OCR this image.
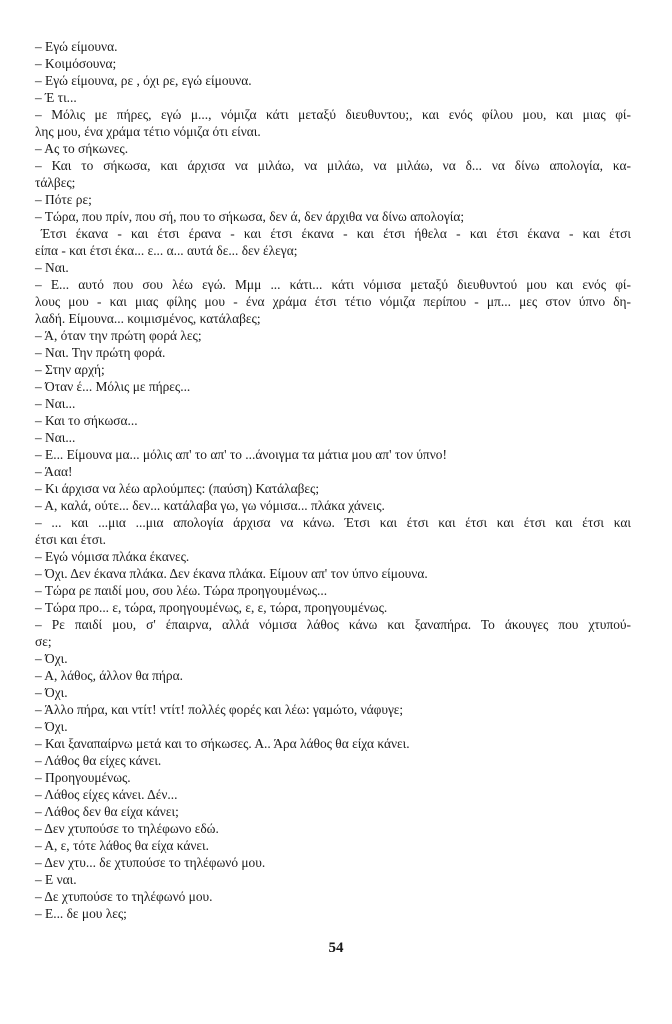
– Εγώ είμουνα.
– Κοιμόσουνα;
– Εγώ είμουνα, ρε , όχι ρε, εγώ είμουνα.
– Έ τι...
– Μόλις με πήρες, εγώ μ..., νόμιζα κάτι μεταξύ διευθυντου;, και ενός φίλου μου, και μιας φί-
λης μου, ένα χράμα τέτιο νόμιζα ότι είναι.
– Ας το σήκωνες.
– Και το σήκωσα, και άρχισα να μιλάω, να μιλάω, να μιλάω, να δ... να δίνω απολογία, κα-
τάλβες;
– Πότε ρε;
– Τώρα, που πρίν, που σή, που το σήκωσα, δεν ά, δεν άρχιθα να δίνω απολογία;
Έτσι έκανα - και έτσι έρανα - και έτσι έκανα - και έτσι ήθελα - και έτσι έκανα - και έτσι
είπα - και έτσι έκα... ε... α... αυτά δε... δεν έλεγα;
– Ναι.
– Ε... αυτό που σου λέω εγώ. Μμμ ... κάτι... κάτι νόμισα μεταξύ διευθυντού μου και ενός φί-
λους μου - και μιας φίλης μου - ένα χράμα έτσι τέτιο νόμιζα περίπου - μπ... μες στον ύπνο δη-
λαδή. Είμουνα... κοιμισμένος, κατάλαβες;
– Ά, όταν την πρώτη φορά λες;
– Ναι. Την πρώτη φορά.
– Στην αρχή;
– Όταν έ... Μόλις με πήρες...
– Ναι...
– Και το σήκωσα...
– Ναι...
– Ε... Είμουνα μα... μόλις απ' το απ' το ...άνοιγμα τα μάτια μου απ' τον ύπνο!
– Άαα!
– Κι άρχισα να λέω αρλούμπες: (παύση) Κατάλαβες;
– Α, καλά, ούτε... δεν... κατάλαβα γω, γω νόμισα... πλάκα χάνεις.
– ... και ...μια ...μια απολογία άρχισα να κάνω. Έτσι και έτσι και έτσι και έτσι και έτσι και
έτσι και έτσι.
– Εγώ νόμισα πλάκα έκανες.
– Όχι. Δεν έκανα πλάκα. Δεν έκανα πλάκα. Είμουν απ' τον ύπνο είμουνα.
– Τώρα ρε παιδί μου, σου λέω. Τώρα προηγουμένως...
– Τώρα προ... ε, τώρα, προηγουμένως, ε, ε, τώρα, προηγουμένως.
– Ρε παιδί μου, σ' έπαιρνα, αλλά νόμισα λάθος κάνω και ξαναπήρα. Το άκουγες που χτυπού-
σε;
– Όχι.
– Α, λάθος, άλλον θα πήρα.
– Όχι.
– Άλλο πήρα, και ντίτ! ντίτ! πολλές φορές και λέω: γαμώτο, νάφυγε;
– Όχι.
– Και ξαναπαίρνω μετά και το σήκωσες. Α.. Άρα λάθος θα είχα κάνει.
– Λάθος θα είχες κάνει.
– Προηγουμένως.
– Λάθος είχες κάνει. Δέν...
– Λάθος δεν θα είχα κάνει;
– Δεν χτυπούσε το τηλέφωνο εδώ.
– Α, ε, τότε λάθος θα είχα κάνει.
– Δεν χτυ... δε χτυπούσε το τηλέφωνό μου.
– Ε ναι.
– Δε χτυπούσε το τηλέφωνό μου.
– Ε... δε μου λες;
54
